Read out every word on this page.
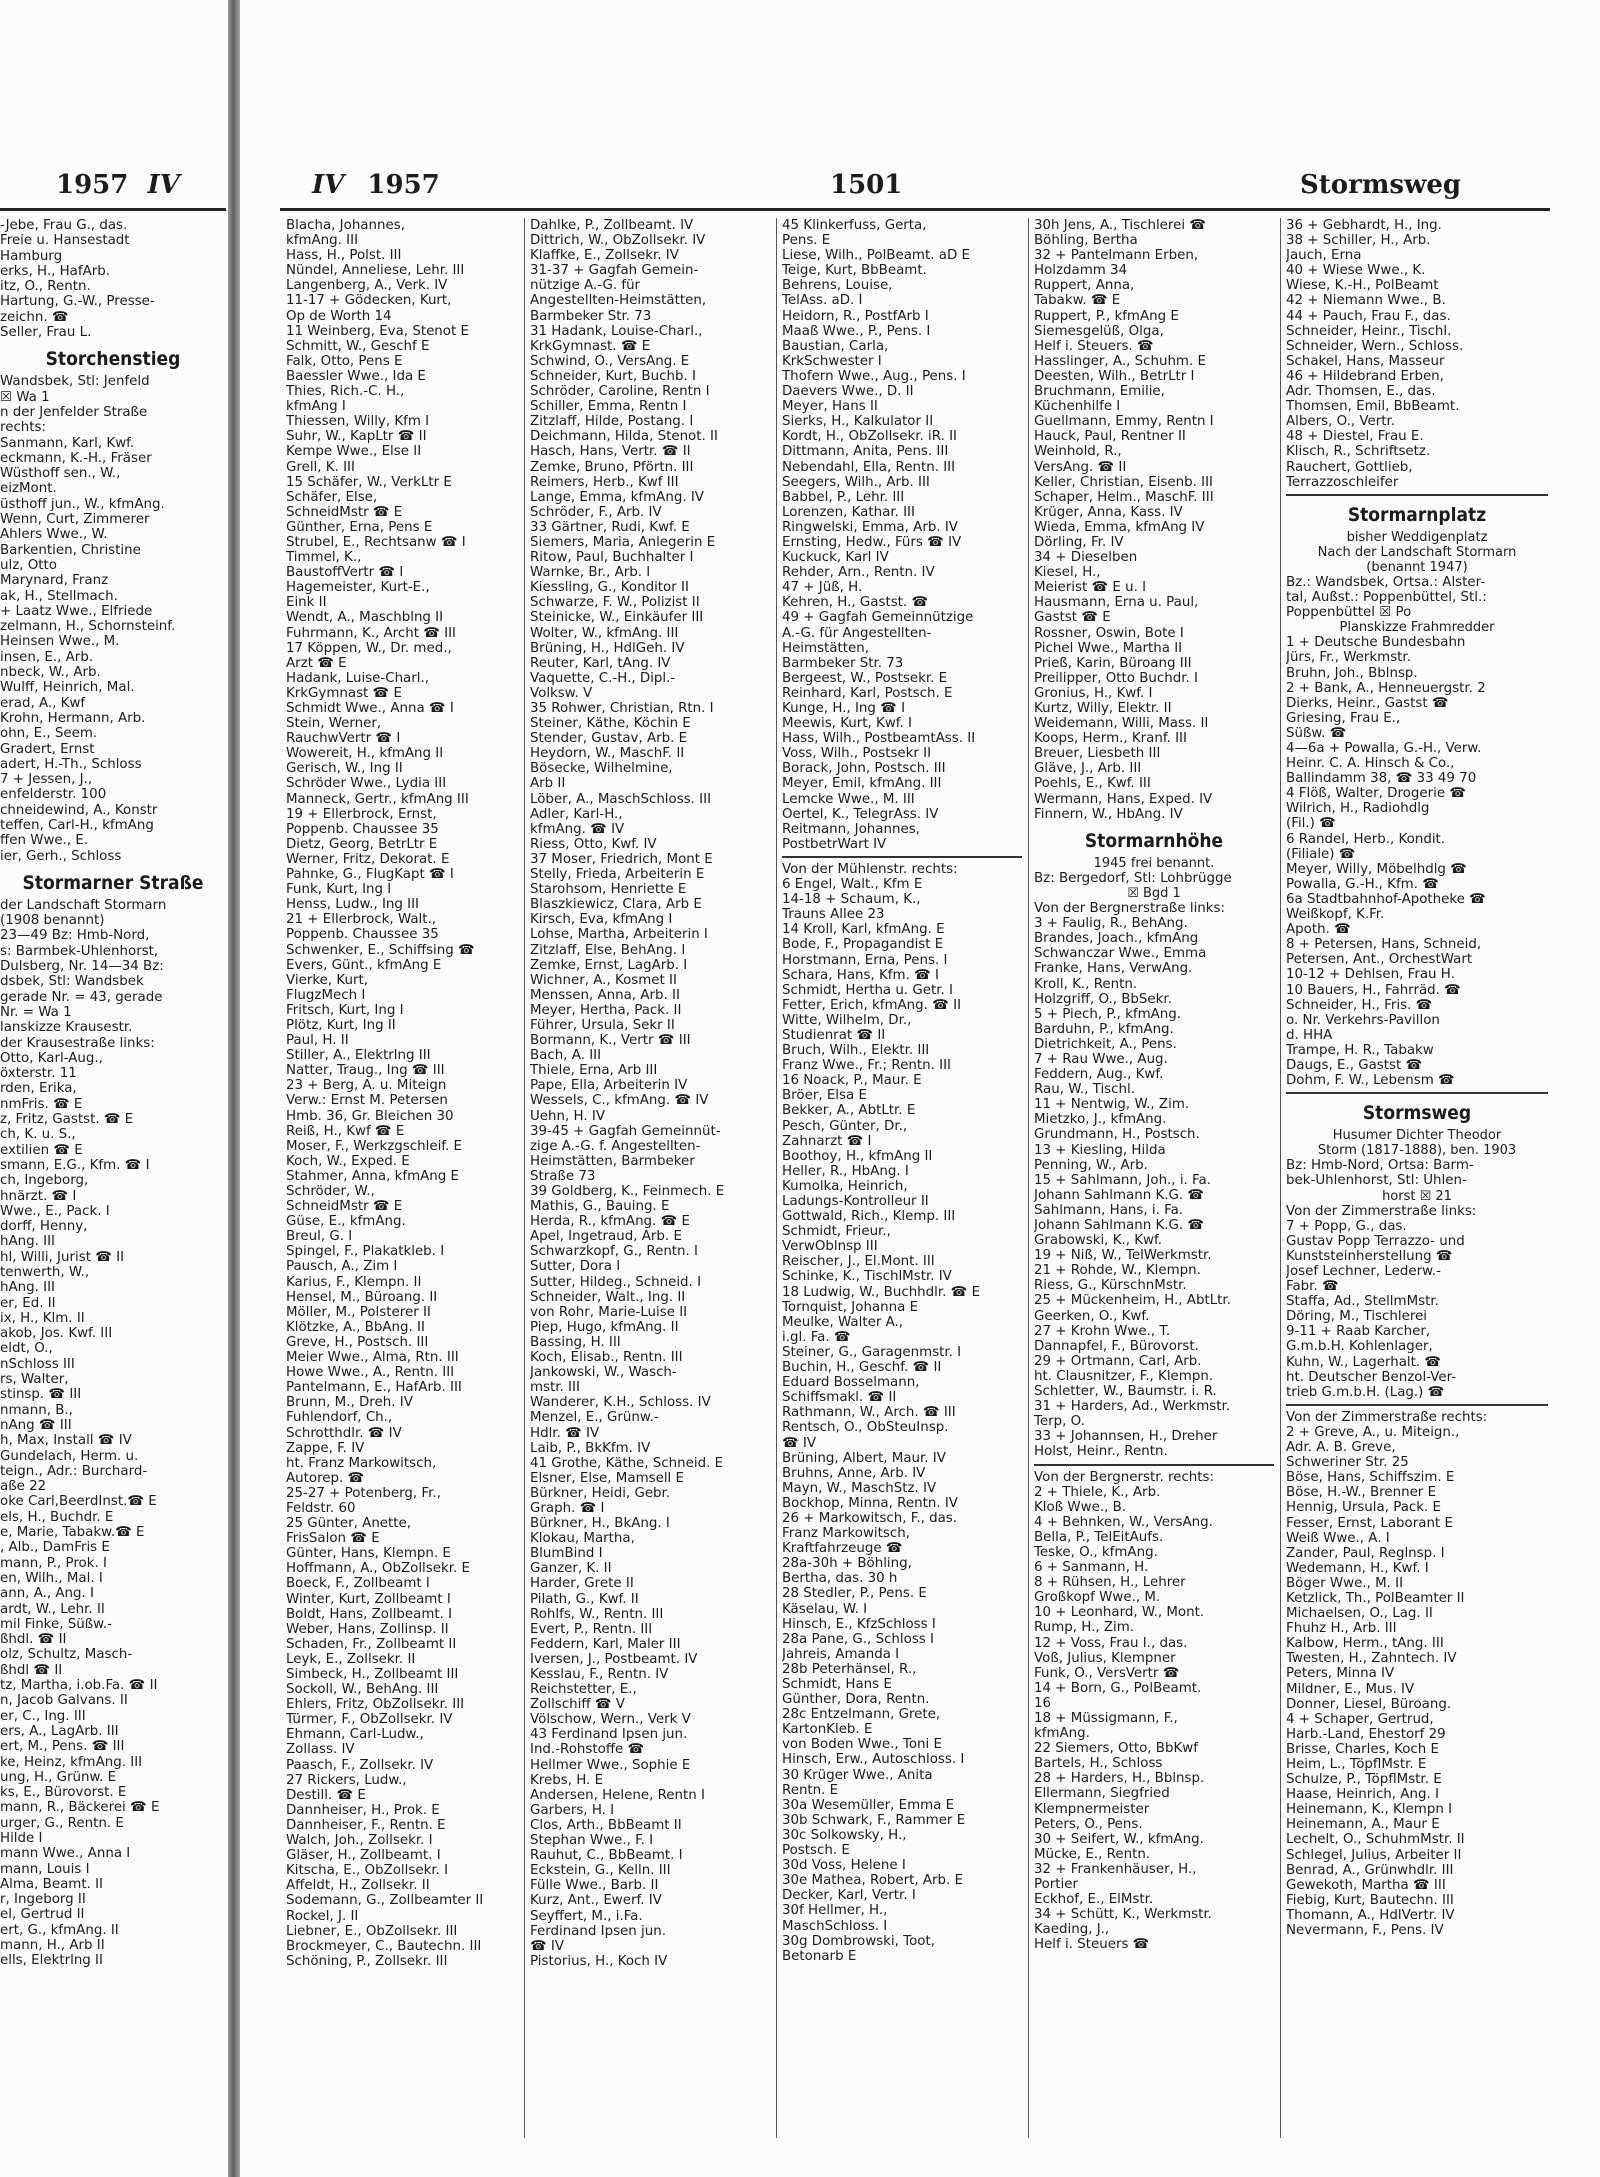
1957 IV
-Jebe, Frau G., das.
Freie u. Hansestadt
Hamburg
erks, H., HafArb.
itz, O., Rentn.
Hartung, G.-W., Presse-
zeichn. ☎
Seller, Frau L.
Storchenstieg
Wandsbek, Stl: Jenfeld
☒ Wa 1
n der Jenfelder Straße
rechts:
Sanmann, Karl, Kwf.
eckmann, K.-H., Fräser
Wüsthoff sen., W.,
eizMont.
üsthoff jun., W., kfmAng.
Wenn, Curt, Zimmerer
Ahlers Wwe., W.
Barkentien, Christine
ulz, Otto
Marynard, Franz
ak, H., Stellmach.
+ Laatz Wwe., Elfriede
zelmann, H., Schornsteinf.
Heinsen Wwe., M.
insen, E., Arb.
nbeck, W., Arb.
Wulff, Heinrich, Mal.
erad, A., Kwf
Krohn, Hermann, Arb.
ohn, E., Seem.
Gradert, Ernst
adert, H.-Th., Schloss
7 + Jessen, J.,
enfelderstr. 100
chneidewind, A., Konstr
teffen, Carl-H., kfmAng
ffen Wwe., E.
ier, Gerh., Schloss
Stormarner Straße
der Landschaft Stormarn
(1908 benannt)
23—49 Bz: Hmb-Nord,
s: Barmbek-Uhlenhorst,
Dulsberg, Nr. 14—34 Bz:
dsbek, Stl: Wandsbek
gerade Nr. = 43, gerade
Nr. = Wa 1
lanskizze Krausestr.
der Krausestraße links:
Otto, Karl-Aug.,
öxterstr. 11
rden, Erika,
nmFris. ☎ E
z, Fritz, Gastst. ☎ E
ch, K. u. S.,
extilien ☎ E
smann, E.G., Kfm. ☎ I
ch, Ingeborg,
hnärzt. ☎ I
Wwe., E., Pack. I
dorff, Henny,
hAng. III
hl, Willi, Jurist ☎ II
tenwerth, W.,
hAng. III
er, Ed. II
ix, H., Klm. II
akob, Jos. Kwf. III
eldt, O.,
nSchloss III
rs, Walter,
stinsp. ☎ III
nmann, B.,
nAng ☎ III
h, Max, Install ☎ IV
Gundelach, Herm. u.
teign., Adr.: Burchard-
aße 22
oke Carl,BeerdInst.☎ E
els, H., Buchdr. E
e, Marie, Tabakw.☎ E
, Alb., DamFris E
mann, P., Prok. I
en, Wilh., Mal. I
ann, A., Ang. I
ardt, W., Lehr. II
mil Finke, Süßw.-
ßhdl. ☎ II
olz, Schultz, Masch-
ßhdl ☎ II
tz, Martha, i.ob.Fa. ☎ II
n, Jacob Galvans. II
er, C., Ing. III
ers, A., LagArb. III
ert, M., Pens. ☎ III
ke, Heinz, kfmAng. III
ung, H., Grünw. E
ks, E., Bürovorst. E
mann, R., Bäckerei ☎ E
urger, G., Rentn. E
Hilde I
mann Wwe., Anna I
mann, Louis I
Alma, Beamt. II
r, Ingeborg II
el, Gertrud II
ert, G., kfmAng. II
mann, H., Arb II
ells, Elektrlng II
IV 1957	1501	Stormsweg
Blacha, Johannes,
kfmAng. III
Hass, H., Polst. III
Nündel, Anneliese, Lehr. III
Langenberg, A., Verk. IV
11-17 + Gödecken, Kurt,
Op de Worth 14
11 Weinberg, Eva, Stenot E
Schmitt, W., Geschf E
Falk, Otto, Pens E
Baessler Wwe., Ida E
Thies, Rich.-C. H.,
kfmAng I
Thiessen, Willy, Kfm I
Suhr, W., KapLtr ☎ II
Kempe Wwe., Else II
Grell, K. III
15 Schäfer, W., VerkLtr E
Schäfer, Else,
SchneidMstr ☎ E
Günther, Erna, Pens E
Strubel, E., Rechtsanw ☎ I
Timmel, K.,
BaustoffVertr ☎ I
Hagemeister, Kurt-E.,
Eink II
Wendt, A., Maschblng II
Fuhrmann, K., Archt ☎ III
17 Köppen, W., Dr. med.,
Arzt ☎ E
Hadank, Luise-Charl.,
KrkGymnast ☎ E
Schmidt Wwe., Anna ☎ I
Stein, Werner,
RauchwVertr ☎ I
Wowereit, H., kfmAng II
Gerisch, W., Ing II
Schröder Wwe., Lydia III
Manneck, Gertr., kfmAng III
19 + Ellerbrock, Ernst,
Poppenb. Chaussee 35
Dietz, Georg, BetrLtr E
Werner, Fritz, Dekorat. E
Pahnke, G., FlugKapt ☎ I
Funk, Kurt, Ing I
Henss, Ludw., Ing III
21 + Ellerbrock, Walt.,
Poppenb. Chaussee 35
Schwenker, E., Schiffsing ☎
Evers, Günt., kfmAng E
Vierke, Kurt,
FlugzMech I
Fritsch, Kurt, Ing I
Plötz, Kurt, Ing II
Paul, H. II
Stiller, A., Elektrlng III
Natter, Traug., Ing ☎ III
23 + Berg, A. u. Miteign
Verw.: Ernst M. Petersen
Hmb. 36, Gr. Bleichen 30
Reiß, H., Kwf ☎ E
Moser, F., Werkzgschleif. E
Koch, W., Exped. E
Stahmer, Anna, kfmAng E
Schröder, W.,
SchneidMstr ☎ E
Güse, E., kfmAng.
Breul, G. I
Spingel, F., Plakatkleb. I
Pausch, A., Zim I
Karius, F., Klempn. II
Hensel, M., Büroang. II
Möller, M., Polsterer II
Klötzke, A., BbAng. II
Greve, H., Postsch. III
Meier Wwe., Alma, Rtn. III
Howe Wwe., A., Rentn. III
Pantelmann, E., HafArb. III
Brunn, M., Dreh. IV
Fuhlendorf, Ch.,
Schrotthdlr. ☎ IV
Zappe, F. IV
ht. Franz Markowitsch,
Autorep. ☎
25-27 + Potenberg, Fr.,
Feldstr. 60
25 Günter, Anette,
FrisSalon ☎ E
Günter, Hans, Klempn. E
Hoffmann, A., ObZollsekr. E
Boeck, F., Zollbeamt I
Winter, Kurt, Zollbeamt I
Boldt, Hans, Zollbeamt. I
Weber, Hans, Zollinsp. II
Schaden, Fr., Zollbeamt II
Leyk, E., Zollsekr. II
Simbeck, H., Zollbeamt III
Sockoll, W., BehAng. III
Ehlers, Fritz, ObZollsekr. III
Türmer, F., ObZollsekr. IV
Ehmann, Carl-Ludw.,
Zollass. IV
Paasch, F., Zollsekr. IV
27 Rickers, Ludw.,
Destill. ☎ E
Dannheiser, H., Prok. E
Dannheiser, F., Rentn. E
Walch, Joh., Zollsekr. I
Gläser, H., Zollbeamt. I
Kitscha, E., ObZollsekr. I
Affeldt, H., Zollsekr. II
Sodemann, G., Zollbeamter II
Rockel, J. II
Liebner, E., ObZollsekr. III
Brockmeyer, C., Bautechn. III
Schöning, P., Zollsekr. III
Dahlke, P., Zollbeamt. IV
Dittrich, W., ObZollsekr. IV
Klaffke, E., Zollsekr. IV
31-37 + Gagfah Gemein-
nützige A.-G. für
Angestellten-Heimstätten,
Barmbeker Str. 73
31 Hadank, Louise-Charl.,
KrkGymnast. ☎ E
Schwind, O., VersAng. E
Schneider, Kurt, Buchb. I
Schröder, Caroline, Rentn I
Schiller, Emma, Rentn I
Zitzlaff, Hilde, Postang. I
Deichmann, Hilda, Stenot. II
Hasch, Hans, Vertr. ☎ II
Zemke, Bruno, Pförtn. III
Reimers, Herb., Kwf III
Lange, Emma, kfmAng. IV
Schröder, F., Arb. IV
33 Gärtner, Rudi, Kwf. E
Siemers, Maria, Anlegerin E
Ritow, Paul, Buchhalter I
Warnke, Br., Arb. I
Kiessling, G., Konditor II
Schwarze, F. W., Polizist II
Steinicke, W., Einkäufer III
Wolter, W., kfmAng. III
Brüning, H., HdlGeh. IV
Reuter, Karl, tAng. IV
Vaquette, C.-H., Dipl.-
Volksw. V
35 Rohwer, Christian, Rtn. I
Steiner, Käthe, Köchin E
Stender, Gustav, Arb. E
Heydorn, W., MaschF. II
Bösecke, Wilhelmine,
Arb II
Löber, A., MaschSchloss. III
Adler, Karl-H.,
kfmAng. ☎ IV
Riess, Otto, Kwf. IV
37 Moser, Friedrich, Mont E
Stelly, Frieda, Arbeiterin E
Starohsom, Henriette E
Blaszkiewicz, Clara, Arb E
Kirsch, Eva, kfmAng I
Lohse, Martha, Arbeiterin I
Zitzlaff, Else, BehAng. I
Zemke, Ernst, LagArb. I
Wichner, A., Kosmet II
Menssen, Anna, Arb. II
Meyer, Hertha, Pack. II
Führer, Ursula, Sekr II
Bormann, K., Vertr ☎ III
Bach, A. III
Thiele, Erna, Arb III
Pape, Ella, Arbeiterin IV
Wessels, C., kfmAng. ☎ IV
Uehn, H. IV
39-45 + Gagfah Gemeinnüt-
zige A.-G. f. Angestellten-
Heimstätten, Barmbeker
Straße 73
39 Goldberg, K., Feinmech. E
Mathis, G., Bauing. E
Herda, R., kfmAng. ☎ E
Apel, Ingetraud, Arb. E
Schwarzkopf, G., Rentn. I
Sutter, Dora I
Sutter, Hildeg., Schneid. I
Schneider, Walt., Ing. II
von Rohr, Marie-Luise II
Piep, Hugo, kfmAng. II
Bassing, H. III
Koch, Elisab., Rentn. III
Jankowski, W., Wasch-
mstr. III
Wanderer, K.H., Schloss. IV
Menzel, E., Grünw.-
Hdlr. ☎ IV
Laib, P., BkKfm. IV
41 Grothe, Käthe, Schneid. E
Elsner, Else, Mamsell E
Bürkner, Heidi, Gebr.
Graph. ☎ I
Bürkner, H., BkAng. I
Klokau, Martha,
BlumBind I
Ganzer, K. II
Harder, Grete II
Pilath, G., Kwf. II
Rohlfs, W., Rentn. III
Evert, P., Rentn. III
Feddern, Karl, Maler III
Iversen, J., Postbeamt. IV
Kesslau, F., Rentn. IV
Reichstetter, E.,
Zollschiff ☎ V
Völschow, Wern., Verk V
43 Ferdinand Ipsen jun.
Ind.-Rohstoffe ☎
Hellmer Wwe., Sophie E
Krebs, H. E
Andersen, Helene, Rentn I
Garbers, H. I
Clos, Arth., BbBeamt II
Stephan Wwe., F. I
Rauhut, C., BbBeamt. I
Eckstein, G., Kelln. III
Fülle Wwe., Barb. II
Kurz, Ant., Ewerf. IV
Seyffert, M., i.Fa.
Ferdinand Ipsen jun.
☎ IV
Pistorius, H., Koch IV
45 Klinkerfuss, Gerta,
Pens. E
Liese, Wilh., PolBeamt. aD E
Teige, Kurt, BbBeamt.
Behrens, Louise,
TelAss. aD. I
Heidorn, R., PostfArb I
Maaß Wwe., P., Pens. I
Baustian, Carla,
KrkSchwester I
Thofern Wwe., Aug., Pens. I
Daevers Wwe., D. II
Meyer, Hans II
Sierks, H., Kalkulator II
Kordt, H., ObZollsekr. iR. II
Dittmann, Anita, Pens. III
Nebendahl, Ella, Rentn. III
Seegers, Wilh., Arb. III
Babbel, P., Lehr. III
Lorenzen, Kathar. III
Ringwelski, Emma, Arb. IV
Ernsting, Hedw., Fürs ☎ IV
Kuckuck, Karl IV
Rehder, Arn., Rentn. IV
47 + Jüß, H.
Kehren, H., Gastst. ☎
49 + Gagfah Gemeinnützige
A.-G. für Angestellten-
Heimstätten,
Barmbeker Str. 73
Bergeest, W., Postsekr. E
Reinhard, Karl, Postsch. E
Kunge, H., Ing ☎ I
Meewis, Kurt, Kwf. I
Hass, Wilh., PostbeamtAss. II
Voss, Wilh., Postsekr II
Borack, John, Postsch. III
Meyer, Emil, kfmAng. III
Lemcke Wwe., M. III
Oertel, K., TelegrAss. IV
Reitmann, Johannes,
PostbetrWart IV
Von der Mühlenstr. rechts:
6 Engel, Walt., Kfm E
14-18 + Schaum, K.,
Trauns Allee 23
14 Kroll, Karl, kfmAng. E
Bode, F., Propagandist E
Horstmann, Erna, Pens. I
Schara, Hans, Kfm. ☎ I
Schmidt, Hertha u. Getr. I
Fetter, Erich, kfmAng. ☎ II
Witte, Wilhelm, Dr.,
Studienrat ☎ II
Bruch, Wilh., Elektr. III
Franz Wwe., Fr.; Rentn. III
16 Noack, P., Maur. E
Bröer, Elsa E
Bekker, A., AbtLtr. E
Pesch, Günter, Dr.,
Zahnarzt ☎ I
Boothoy, H., kfmAng II
Heller, R., HbAng. I
Kumolka, Heinrich,
Ladungs-Kontrolleur II
Gottwald, Rich., Klemp. III
Schmidt, Frieur.,
VerwOblnsp III
Reischer, J., El.Mont. III
Schinke, K., TischlMstr. IV
18 Ludwig, W., Buchhdlr. ☎ E
Tornquist, Johanna E
Meulke, Walter A.,
i.gl. Fa. ☎
Steiner, G., Garagenmstr. I
Buchin, H., Geschf. ☎ II
Eduard Bosselmann,
Schiffsmakl. ☎ II
Rathmann, W., Arch. ☎ III
Rentsch, O., ObSteuInsp.
☎ IV
Brüning, Albert, Maur. IV
Bruhns, Anne, Arb. IV
Mayn, W., MaschStz. IV
Bockhop, Minna, Rentn. IV
26 + Markowitsch, F., das.
Franz Markowitsch,
Kraftfahrzeuge ☎
28a-30h + Böhling,
Bertha, das. 30 h
28 Stedler, P., Pens. E
Käselau, W. I
Hinsch, E., KfzSchloss I
28a Pane, G., Schloss I
Jahreis, Amanda I
28b Peterhänsel, R.,
Schmidt, Hans E
Günther, Dora, Rentn.
28c Entzelmann, Grete,
KartonKleb. E
von Boden Wwe., Toni E
Hinsch, Erw., Autoschloss. I
30 Krüger Wwe., Anita
Rentn. E
30a Wesemüller, Emma E
30b Schwark, F., Rammer E
30c Solkowsky, H.,
Postsch. E
30d Voss, Helene I
30e Mathea, Robert, Arb. E
Decker, Karl, Vertr. I
30f Hellmer, H.,
MaschSchloss. I
30g Dombrowski, Toot,
Betonarb E
30h Jens, A., Tischlerei ☎
Böhling, Bertha
32 + Pantelmann Erben,
Holzdamm 34
Ruppert, Anna,
Tabakw. ☎ E
Ruppert, P., kfmAng E
Siemesgelüß, Olga,
Helf i. Steuers. ☎
Hasslinger, A., Schuhm. E
Deesten, Wilh., BetrLtr I
Bruchmann, Emilie,
Küchenhilfe I
Guellmann, Emmy, Rentn I
Hauck, Paul, Rentner II
Weinhold, R.,
VersAng. ☎ II
Keller, Christian, Eisenb. III
Schaper, Helm., MaschF. III
Krüger, Anna, Kass. IV
Wieda, Emma, kfmAng IV
Dörling, Fr. IV
34 + Dieselben
Kiesel, H.,
Meierist ☎ E u. I
Hausmann, Erna u. Paul,
Gastst ☎ E
Rossner, Oswin, Bote I
Pichel Wwe., Martha II
Prieß, Karin, Büroang III
Preilipper, Otto Buchdr. I
Gronius, H., Kwf. I
Kurtz, Willy, Elektr. II
Weidemann, Willi, Mass. II
Koops, Herm., Kranf. III
Breuer, Liesbeth III
Gläve, J., Arb. III
Poehls, E., Kwf. III
Wermann, Hans, Exped. IV
Finnern, W., HbAng. IV
Stormarnhöhe
1945 frei benannt.
Bz: Bergedorf, Stl: Lohbrügge
☒ Bgd 1
Von der Bergnerstraße links:
3 + Faulig, R., BehAng.
Brandes, Joach., kfmAng
Schwanczar Wwe., Emma
Franke, Hans, VerwAng.
Kroll, K., Rentn.
Holzgriff, O., BbSekr.
5 + Piech, P., kfmAng.
Barduhn, P., kfmAng.
Dietrichkeit, A., Pens.
7 + Rau Wwe., Aug.
Feddern, Aug., Kwf.
Rau, W., Tischl.
11 + Nentwig, W., Zim.
Mietzko, J., kfmAng.
Grundmann, H., Postsch.
13 + Kiesling, Hilda
Penning, W., Arb.
15 + Sahlmann, Joh., i. Fa.
Johann Sahlmann K.G. ☎
Sahlmann, Hans, i. Fa.
Johann Sahlmann K.G. ☎
Grabowski, K., Kwf.
19 + Niß, W., TelWerkmstr.
21 + Rohde, W., Klempn.
Riess, G., KürschnMstr.
25 + Mückenheim, H., AbtLtr.
Geerken, O., Kwf.
27 + Krohn Wwe., T.
Dannapfel, F., Bürovorst.
29 + Ortmann, Carl, Arb.
ht. Clausnitzer, F., Klempn.
Schletter, W., Baumstr. i. R.
31 + Harders, Ad., Werkmstr.
Terp, O.
33 + Johannsen, H., Dreher
Holst, Heinr., Rentn.
Von der Bergnerstr. rechts:
2 + Thiele, K., Arb.
Kloß Wwe., B.
4 + Behnken, W., VersAng.
Bella, P., TelEitAufs.
Teske, O., kfmAng.
6 + Sanmann, H.
8 + Rühsen, H., Lehrer
Großkopf Wwe., M.
10 + Leonhard, W., Mont.
Rump, H., Zim.
12 + Voss, Frau I., das.
Voß, Julius, Klempner
Funk, O., VersVertr ☎
14 + Born, G., PolBeamt.
16
18 + Müssigmann, F.,
kfmAng.
22 Siemers, Otto, BbKwf
Bartels, H., Schloss
28 + Harders, H., Bblnsp.
Ellermann, Siegfried
Klempnermeister
Peters, O., Pens.
30 + Seifert, W., kfmAng.
Mücke, E., Rentn.
32 + Frankenhäuser, H.,
Portier
Eckhof, E., ElMstr.
34 + Schütt, K., Werkmstr.
Kaeding, J.,
Helf i. Steuers ☎
36 + Gebhardt, H., Ing.
38 + Schiller, H., Arb.
Jauch, Erna
40 + Wiese Wwe., K.
Wiese, K.-H., PolBeamt
42 + Niemann Wwe., B.
44 + Pauch, Frau F., das.
Schneider, Heinr., Tischl.
Schneider, Wern., Schloss.
Schakel, Hans, Masseur
46 + Hildebrand Erben,
Adr. Thomsen, E., das.
Thomsen, Emil, BbBeamt.
Albers, O., Vertr.
48 + Diestel, Frau E.
Klisch, R., Schriftsetz.
Rauchert, Gottlieb,
Terrazzoschleifer
Stormarnplatz
bisher Weddigenplatz
Nach der Landschaft Stormarn
(benannt 1947)
Bz.: Wandsbek, Ortsa.: Alster-
tal, Außst.: Poppenbüttel, Stl.:
Poppenbüttel ☒ Po
Planskizze Frahmredder
1 + Deutsche Bundesbahn
Jürs, Fr., Werkmstr.
Bruhn, Joh., Bblnsp.
2 + Bank, A., Henneuergstr. 2
Dierks, Heinr., Gastst ☎
Griesing, Frau E.,
Süßw. ☎
4—6a + Powalla, G.-H., Verw.
Heinr. C. A. Hinsch & Co.,
Ballindamm 38, ☎ 33 49 70
4 Flöß, Walter, Drogerie ☎
Wilrich, H., Radiohdlg
(Fil.) ☎
6 Randel, Herb., Kondit.
(Filiale) ☎
Meyer, Willy, Möbelhdlg ☎
Powalla, G.-H., Kfm. ☎
6a Stadtbahnhof-Apotheke ☎
Weißkopf, K.Fr.
Apoth. ☎
8 + Petersen, Hans, Schneid,
Petersen, Ant., OrchestWart
10-12 + Dehlsen, Frau H.
10 Bauers, H., Fahrräd. ☎
Schneider, H., Fris. ☎
o. Nr. Verkehrs-Pavillon
d. HHA
Trampe, H. R., Tabakw
Daugs, E., Gastst ☎
Dohm, F. W., Lebensm ☎
Stormsweg
Husumer Dichter Theodor
Storm (1817-1888), ben. 1903
Bz: Hmb-Nord, Ortsa: Barm-
bek-Uhlenhorst, Stl: Uhlen-
horst ☒ 21
Von der Zimmerstraße links:
7 + Popp, G., das.
Gustav Popp Terrazzo- und
Kunststeinherstellung ☎
Josef Lechner, Lederw.-
Fabr. ☎
Staffa, Ad., StellmMstr.
Döring, M., Tischlerei
9-11 + Raab Karcher,
G.m.b.H. Kohlenlager,
Kuhn, W., Lagerhalt. ☎
ht. Deutscher Benzol-Ver-
trieb G.m.b.H. (Lag.) ☎
Von der Zimmerstraße rechts:
2 + Greve, A., u. Miteign.,
Adr. A. B. Greve,
Schweriner Str. 25
Böse, Hans, Schiffszim. E
Böse, H.-W., Brenner E
Hennig, Ursula, Pack. E
Fesser, Ernst, Laborant E
Weiß Wwe., A. I
Zander, Paul, Reglnsp. I
Wedemann, H., Kwf. I
Böger Wwe., M. II
Ketzlick, Th., PolBeamter II
Michaelsen, O., Lag. II
Fhuhz H., Arb. III
Kalbow, Herm., tAng. III
Twesten, H., Zahntech. IV
Peters, Minna IV
Mildner, E., Mus. IV
Donner, Liesel, Büroang.
4 + Schaper, Gertrud,
Harb.-Land, Ehestorf 29
Brisse, Charles, Koch E
Heim, L., TöpflMstr. E
Schulze, P., TöpflMstr. E
Haase, Heinrich, Ang. I
Heinemann, K., Klempn I
Heinemann, A., Maur E
Lechelt, O., SchuhmMstr. II
Schlegel, Julius, Arbeiter II
Benrad, A., Grünwhdlr. III
Gewekoth, Martha ☎ III
Fiebig, Kurt, Bautechn. III
Thomann, A., HdlVertr. IV
Nevermann, F., Pens. IV
